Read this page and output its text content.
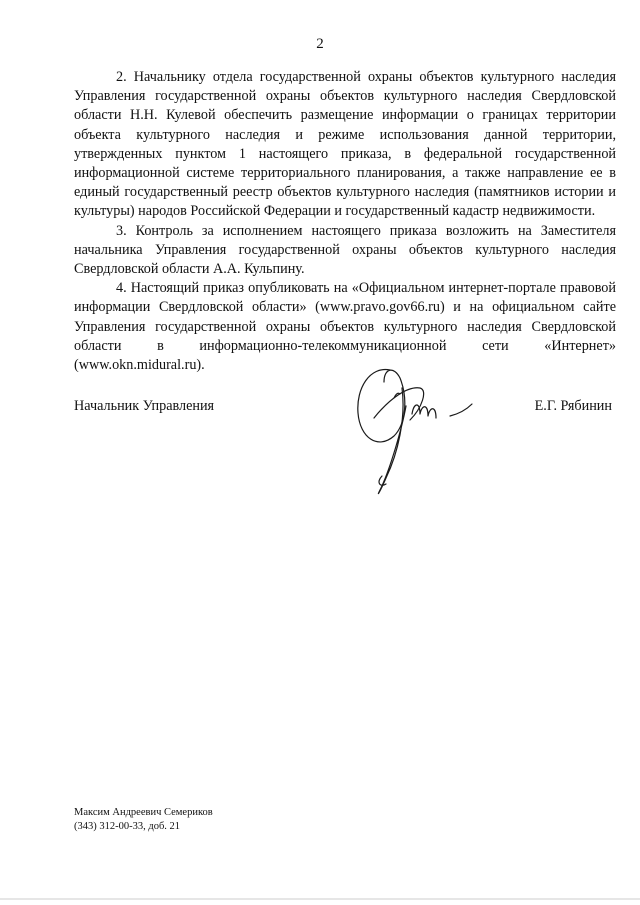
2

2. Начальнику отдела государственной охраны объектов культурного наследия Управления государственной охраны объектов культурного наследия Свердловской области Н.Н. Кулевой обеспечить размещение информации о границах территории объекта культурного наследия и режиме использования данной территории, утвержденных пунктом 1 настоящего приказа, в федеральной государственной информационной системе территориального планирования, а также направление ее в единый государственный реестр объектов культурного наследия (памятников истории и культуры) народов Российской Федерации и государственный кадастр недвижимости.

3. Контроль за исполнением настоящего приказа возложить на Заместителя начальника Управления государственной охраны объектов культурного наследия Свердловской области А.А. Кульпину.

4. Настоящий приказ опубликовать на «Официальном интернет-портале правовой информации Свердловской области» (www.pravo.gov66.ru) и на официальном сайте Управления государственной охраны объектов культурного наследия Свердловской области в информационно-телекоммуникационной сети «Интернет» (www.okn.midural.ru).

Начальник Управления	Е.Г. Рябинин
Максим Андреевич Семериков
(343) 312-00-33, доб. 21
